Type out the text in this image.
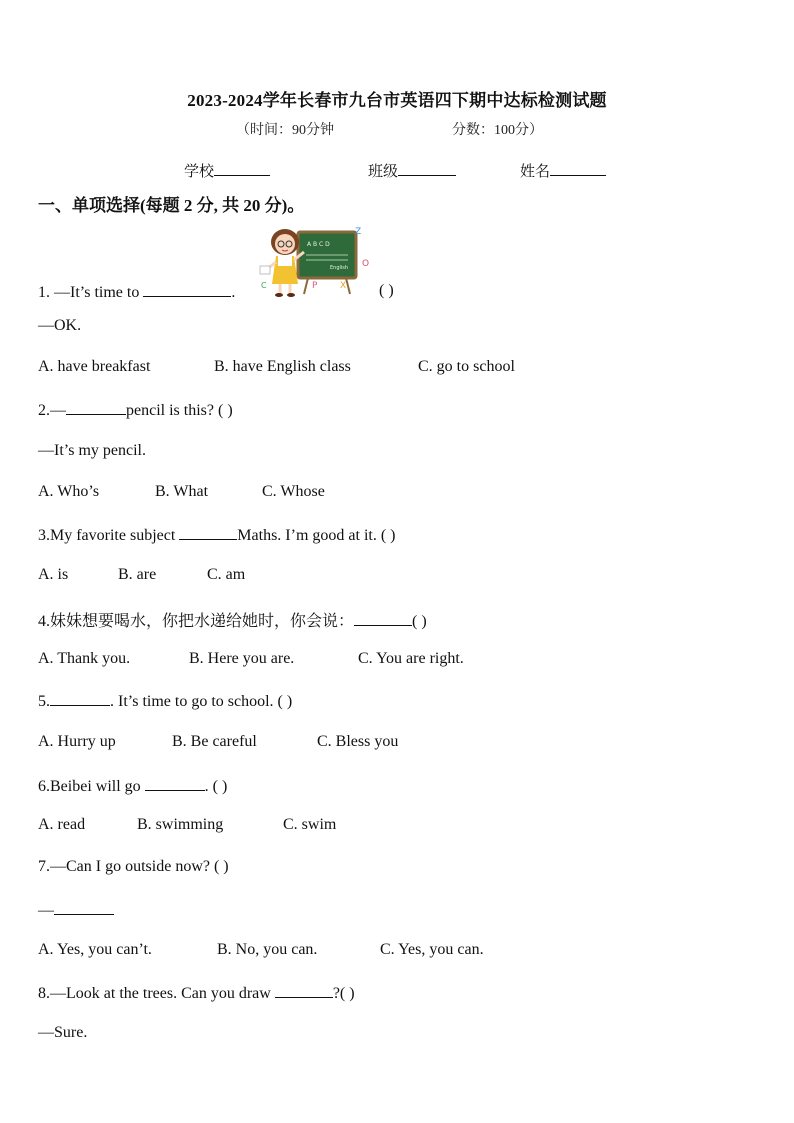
2023-2024学年长春市九台市英语四下期中达标检测试题
（时间：90分钟	分数：100分）
学校	班级	姓名
一、单项选择(每题 2 分, 共 20 分)。
A B C D
English
Z
O
C	P	X
1. —It’s time to	.	( )
—OK.
A. have breakfast	B. have English class	C. go to school
2.—	pencil is this? ( )
—It’s my pencil.
A. Who’s	B. What	C. Whose
3.My favorite subject	Maths. I’m good at it. ( )
A. is	B. are	C. am
4.妹妹想要喝水，你把水递给她时，你会说：	( )
A. Thank you.	B. Here you are.	C. You are right.
5.	. It’s time to go to school. ( )
A. Hurry up	B. Be careful	C. Bless you
6.Beibei will go	. ( )
A. read	B. swimming	C. swim
7.—Can I go outside now? ( )
—
A. Yes, you can’t.	B. No, you can.	C. Yes, you can.
8.—Look at the trees. Can you draw	?( )
—Sure.
